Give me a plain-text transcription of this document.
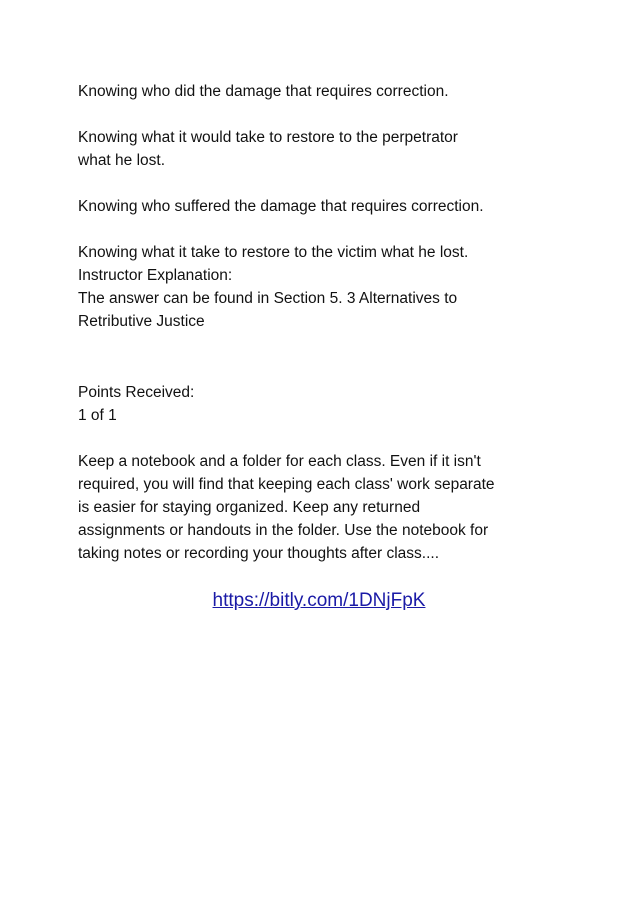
Knowing who did the damage that requires correction.
Knowing what it would take to restore to the perpetrator
what he lost.
Knowing who suffered the damage that requires correction.
Knowing what it take to restore to the victim what he lost.
Instructor Explanation:
The answer can be found in Section 5. 3 Alternatives to
Retributive Justice
Points Received:
1 of 1
Keep a notebook and a folder for each class. Even if it isn't
required, you will find that keeping each class' work separate
is easier for staying organized. Keep any returned
assignments or handouts in the folder. Use the notebook for
taking notes or recording your thoughts after class....
https://bitly.com/1DNjFpK
